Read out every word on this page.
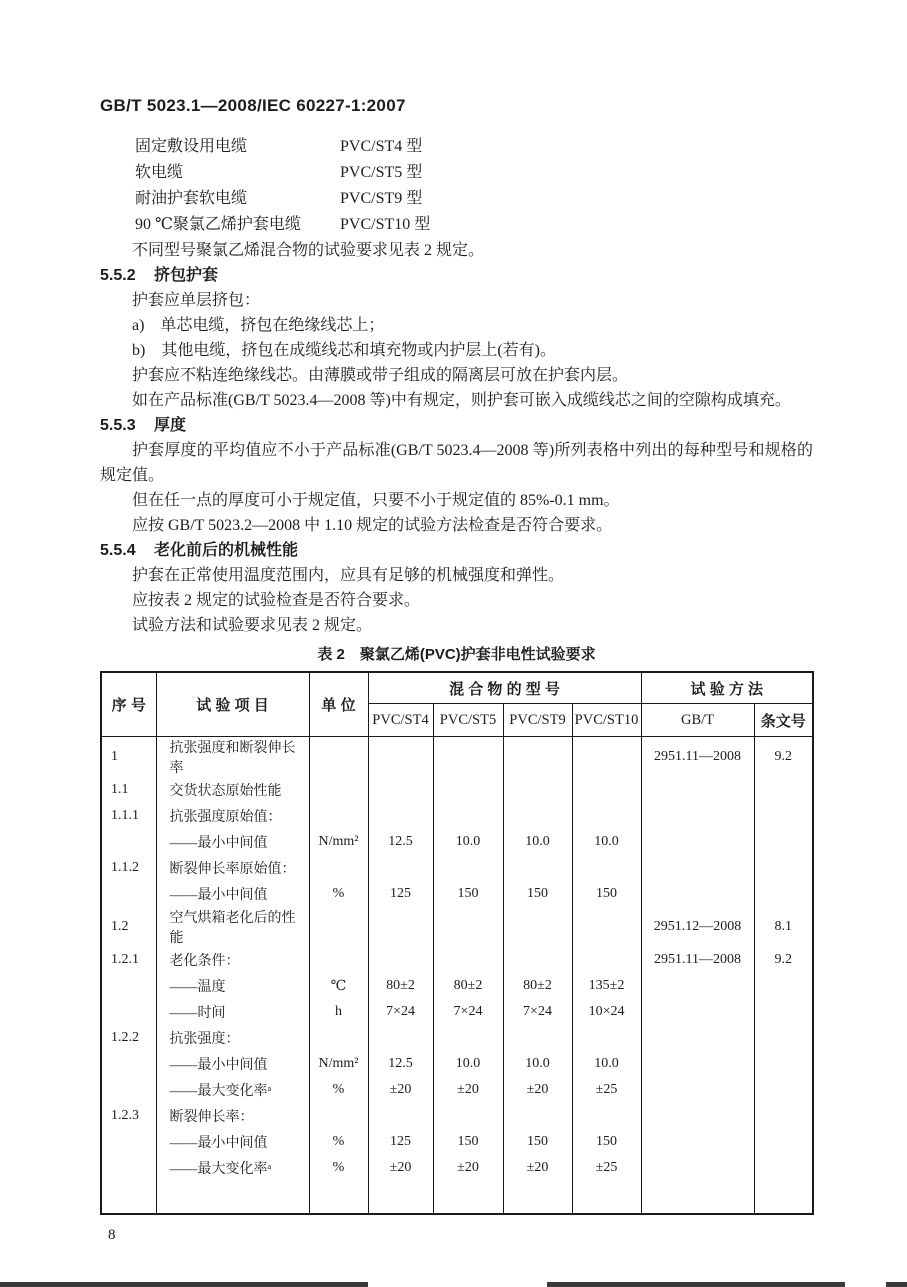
GB/T 5023.1—2008/IEC 60227-1:2007
固定敷设用电缆	PVC/ST4 型
软电缆	PVC/ST5 型
耐油护套软电缆	PVC/ST9 型
90 ℃聚氯乙烯护套电缆	PVC/ST10 型

不同型号聚氯乙烯混合物的试验要求见表 2 规定。

5.5.2 挤包护套

护套应单层挤包：

a)　单芯电缆，挤包在绝缘线芯上；

b)　其他电缆，挤包在成缆线芯和填充物或内护层上(若有)。

护套应不粘连绝缘线芯。由薄膜或带子组成的隔离层可放在护套内层。

如在产品标准(GB/T 5023.4—2008 等)中有规定，则护套可嵌入成缆线芯之间的空隙构成填充。

5.5.3 厚度

护套厚度的平均值应不小于产品标准(GB/T 5023.4—2008 等)所列表格中列出的每种型号和规格的规定值。

但在任一点的厚度可小于规定值，只要不小于规定值的 85%-0.1 mm。

应按 GB/T 5023.2—2008 中 1.10 规定的试验方法检查是否符合要求。

5.5.4 老化前后的机械性能

护套在正常使用温度范围内，应具有足够的机械强度和弹性。

应按表 2 规定的试验检查是否符合要求。

试验方法和试验要求见表 2 规定。

表 2　聚氯乙烯(PVC)护套非电性试验要求
序 号	试 验 项 目	单 位	混 合 物 的 型 号				试 验 方 法	
			PVC/ST4	PVC/ST5	PVC/ST9	PVC/ST10	GB/T	条文号
1	抗张强度和断裂伸长率						2951.11—2008	9.2
1.1	交货状态原始性能							
1.1.1	抗张强度原始值：							
	——最小中间值	N/mm²	12.5	10.0	10.0	10.0		
1.1.2	断裂伸长率原始值：							
	——最小中间值	%	125	150	150	150		
1.2	空气烘箱老化后的性能						2951.12—2008	8.1
1.2.1	老化条件：						2951.11—2008	9.2
	——温度	℃	80±2	80±2	80±2	135±2		
	——时间	h	7×24	7×24	7×24	10×24		
1.2.2	抗张强度：							
	——最小中间值	N/mm²	12.5	10.0	10.0	10.0		
	——最大变化率ᵃ	%	±20	±20	±20	±25		
1.2.3	断裂伸长率：							
	——最小中间值	%	125	150	150	150		
	——最大变化率ᵃ	%	±20	±20	±20	±25		

8
